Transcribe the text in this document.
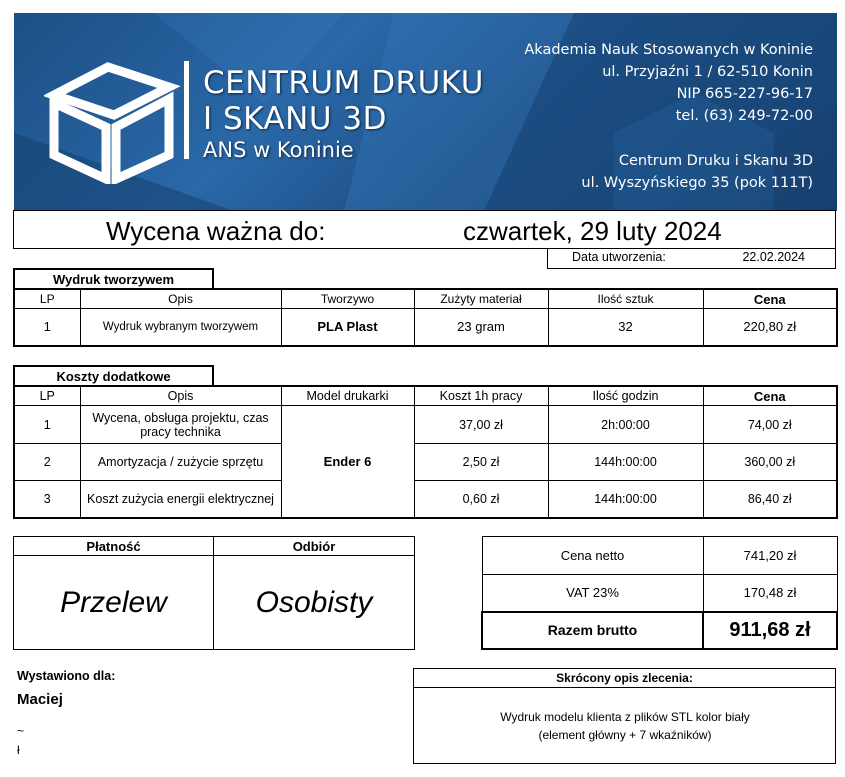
CENTRUM DRUKU
I SKANU 3D
ANS w Koninie
Akademia Nauk Stosowanych w Koninie
ul. Przyjaźni 1 / 62-510 Konin
NIP 665-227-96-17
tel. (63) 249-72-00
Centrum Druku i Skanu 3D
ul. Wyszyńskiego 35 (pok 111T)
Wycena ważna do:	czwartek, 29 luty 2024
Data utworzenia:	22.02.2024
Wydruk tworzywem
LP	Opis	Tworzywo	Zużyty materiał	Ilość sztuk	Cena
1	Wydruk wybranym tworzywem	PLA Plast	23 gram	32	220,80 zł
Koszty dodatkowe
LP	Opis	Model drukarki	Koszt 1h pracy	Ilość godzin	Cena
1	Wycena, obsługa projektu, czas pracy technika	Ender 6	37,00 zł	2h:00:00	74,00 zł
2	Amortyzacja / zużycie sprzętu		2,50 zł	144h:00:00	360,00 zł
3	Koszt zużycia energii elektrycznej		0,60 zł	144h:00:00	86,40 zł
Płatność	Odbiór
Przelew	Osobisty
Cena netto	741,20 zł
VAT 23%	170,48 zł
Razem brutto	911,68 zł
Wystawiono dla:
Maciej
~
ł
Skrócony opis zlecenia:
Wydruk modelu klienta z plików STL kolor biały (element główny + 7 wkaźników)
